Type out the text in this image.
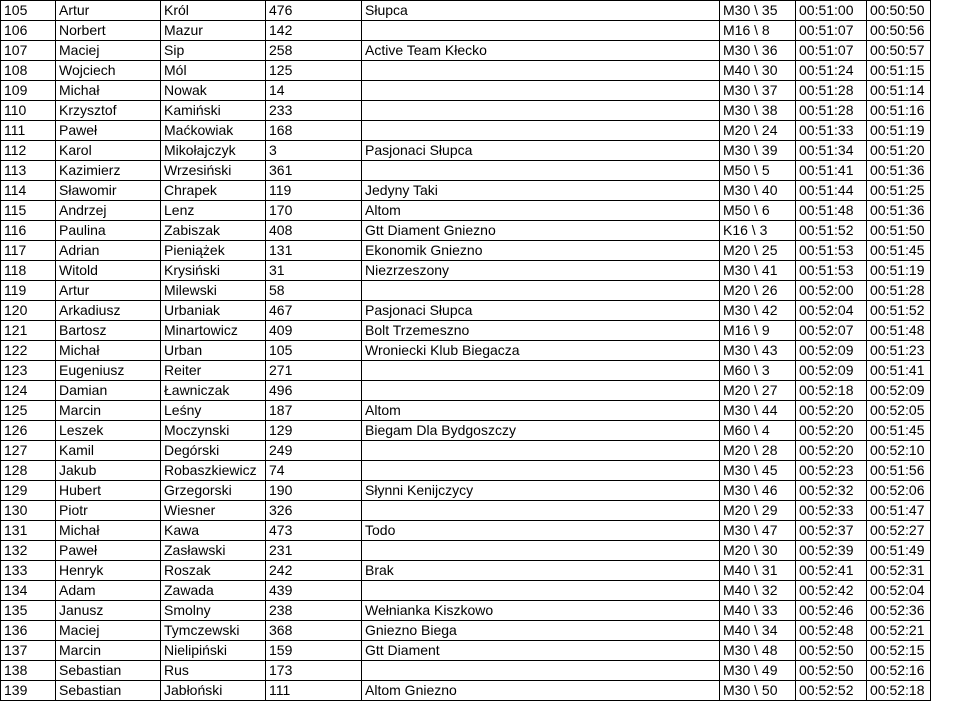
105	Artur	Król	476	Słupca	M30 \ 35	00:51:00	00:50:50
106	Norbert	Mazur	142		M16 \ 8	00:51:07	00:50:56
107	Maciej	Sip	258	Active Team Kłecko	M30 \ 36	00:51:07	00:50:57
108	Wojciech	Mól	125		M40 \ 30	00:51:24	00:51:15
109	Michał	Nowak	14		M30 \ 37	00:51:28	00:51:14
110	Krzysztof	Kamiński	233		M30 \ 38	00:51:28	00:51:16
111	Paweł	Maćkowiak	168		M20 \ 24	00:51:33	00:51:19
112	Karol	Mikołajczyk	3	Pasjonaci Słupca	M30 \ 39	00:51:34	00:51:20
113	Kazimierz	Wrzesiński	361		M50 \ 5	00:51:41	00:51:36
114	Sławomir	Chrapek	119	Jedyny Taki	M30 \ 40	00:51:44	00:51:25
115	Andrzej	Lenz	170	Altom	M50 \ 6	00:51:48	00:51:36
116	Paulina	Zabiszak	408	Gtt Diament Gniezno	K16 \ 3	00:51:52	00:51:50
117	Adrian	Pieniążek	131	Ekonomik Gniezno	M20 \ 25	00:51:53	00:51:45
118	Witold	Krysiński	31	Niezrzeszony	M30 \ 41	00:51:53	00:51:19
119	Artur	Milewski	58		M20 \ 26	00:52:00	00:51:28
120	Arkadiusz	Urbaniak	467	Pasjonaci Słupca	M30 \ 42	00:52:04	00:51:52
121	Bartosz	Minartowicz	409	Bolt Trzemeszno	M16 \ 9	00:52:07	00:51:48
122	Michał	Urban	105	Wroniecki Klub Biegacza	M30 \ 43	00:52:09	00:51:23
123	Eugeniusz	Reiter	271		M60 \ 3	00:52:09	00:51:41
124	Damian	Ławniczak	496		M20 \ 27	00:52:18	00:52:09
125	Marcin	Leśny	187	Altom	M30 \ 44	00:52:20	00:52:05
126	Leszek	Moczynski	129	Biegam Dla Bydgoszczy	M60 \ 4	00:52:20	00:51:45
127	Kamil	Degórski	249		M20 \ 28	00:52:20	00:52:10
128	Jakub	Robaszkiewicz	74		M30 \ 45	00:52:23	00:51:56
129	Hubert	Grzegorski	190	Słynni Kenijczycy	M30 \ 46	00:52:32	00:52:06
130	Piotr	Wiesner	326		M20 \ 29	00:52:33	00:51:47
131	Michał	Kawa	473	Todo	M30 \ 47	00:52:37	00:52:27
132	Paweł	Zasławski	231		M20 \ 30	00:52:39	00:51:49
133	Henryk	Roszak	242	Brak	M40 \ 31	00:52:41	00:52:31
134	Adam	Zawada	439		M40 \ 32	00:52:42	00:52:04
135	Janusz	Smolny	238	Wełnianka Kiszkowo	M40 \ 33	00:52:46	00:52:36
136	Maciej	Tymczewski	368	Gniezno Biega	M40 \ 34	00:52:48	00:52:21
137	Marcin	Nielipiński	159	Gtt Diament	M30 \ 48	00:52:50	00:52:15
138	Sebastian	Rus	173		M30 \ 49	00:52:50	00:52:16
139	Sebastian	Jabłoński	111	Altom Gniezno	M30 \ 50	00:52:52	00:52:18
